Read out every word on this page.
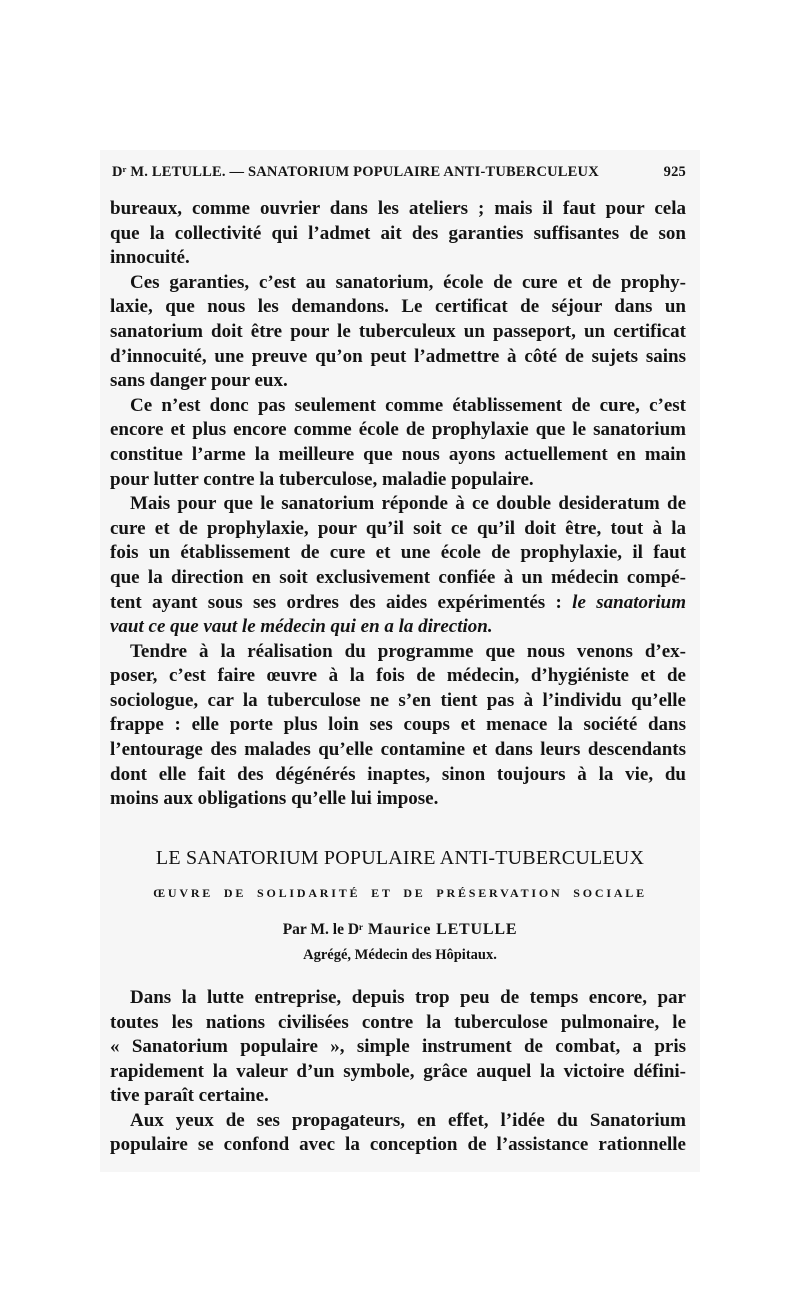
Dʳ M. LETULLE. — SANATORIUM POPULAIRE ANTI-TUBERCULEUX	925
bureaux, comme ouvrier dans les ateliers ; mais il faut pour cela
que la collectivité qui l’admet ait des garanties suffisantes de son
innocuité.
Ces garanties, c’est au sanatorium, école de cure et de prophy-
laxie, que nous les demandons. Le certificat de séjour dans un
sanatorium doit être pour le tuberculeux un passeport, un certificat
d’innocuité, une preuve qu’on peut l’admettre à côté de sujets sains
sans danger pour eux.
Ce n’est donc pas seulement comme établissement de cure, c’est
encore et plus encore comme école de prophylaxie que le sanatorium
constitue l’arme la meilleure que nous ayons actuellement en main
pour lutter contre la tuberculose, maladie populaire.
Mais pour que le sanatorium réponde à ce double desideratum de
cure et de prophylaxie, pour qu’il soit ce qu’il doit être, tout à la
fois un établissement de cure et une école de prophylaxie, il faut
que la direction en soit exclusivement confiée à un médecin compé-
tent ayant sous ses ordres des aides expérimentés : le sanatorium
vaut ce que vaut le médecin qui en a la direction.
Tendre à la réalisation du programme que nous venons d’ex-
poser, c’est faire œuvre à la fois de médecin, d’hygiéniste et de
sociologue, car la tuberculose ne s’en tient pas à l’individu qu’elle
frappe : elle porte plus loin ses coups et menace la société dans
l’entourage des malades qu’elle contamine et dans leurs descendants
dont elle fait des dégénérés inaptes, sinon toujours à la vie, du
moins aux obligations qu’elle lui impose.
LE SANATORIUM POPULAIRE ANTI-TUBERCULEUX
ŒUVRE DE SOLIDARITÉ ET DE PRÉSERVATION SOCIALE
Par M. le Dʳ Maurice LETULLE
Agrégé, Médecin des Hôpitaux.
Dans la lutte entreprise, depuis trop peu de temps encore, par
toutes les nations civilisées contre la tuberculose pulmonaire, le
« Sanatorium populaire », simple instrument de combat, a pris
rapidement la valeur d’un symbole, grâce auquel la victoire défini-
tive paraît certaine.
Aux yeux de ses propagateurs, en effet, l’idée du Sanatorium
populaire se confond avec la conception de l’assistance rationnelle
